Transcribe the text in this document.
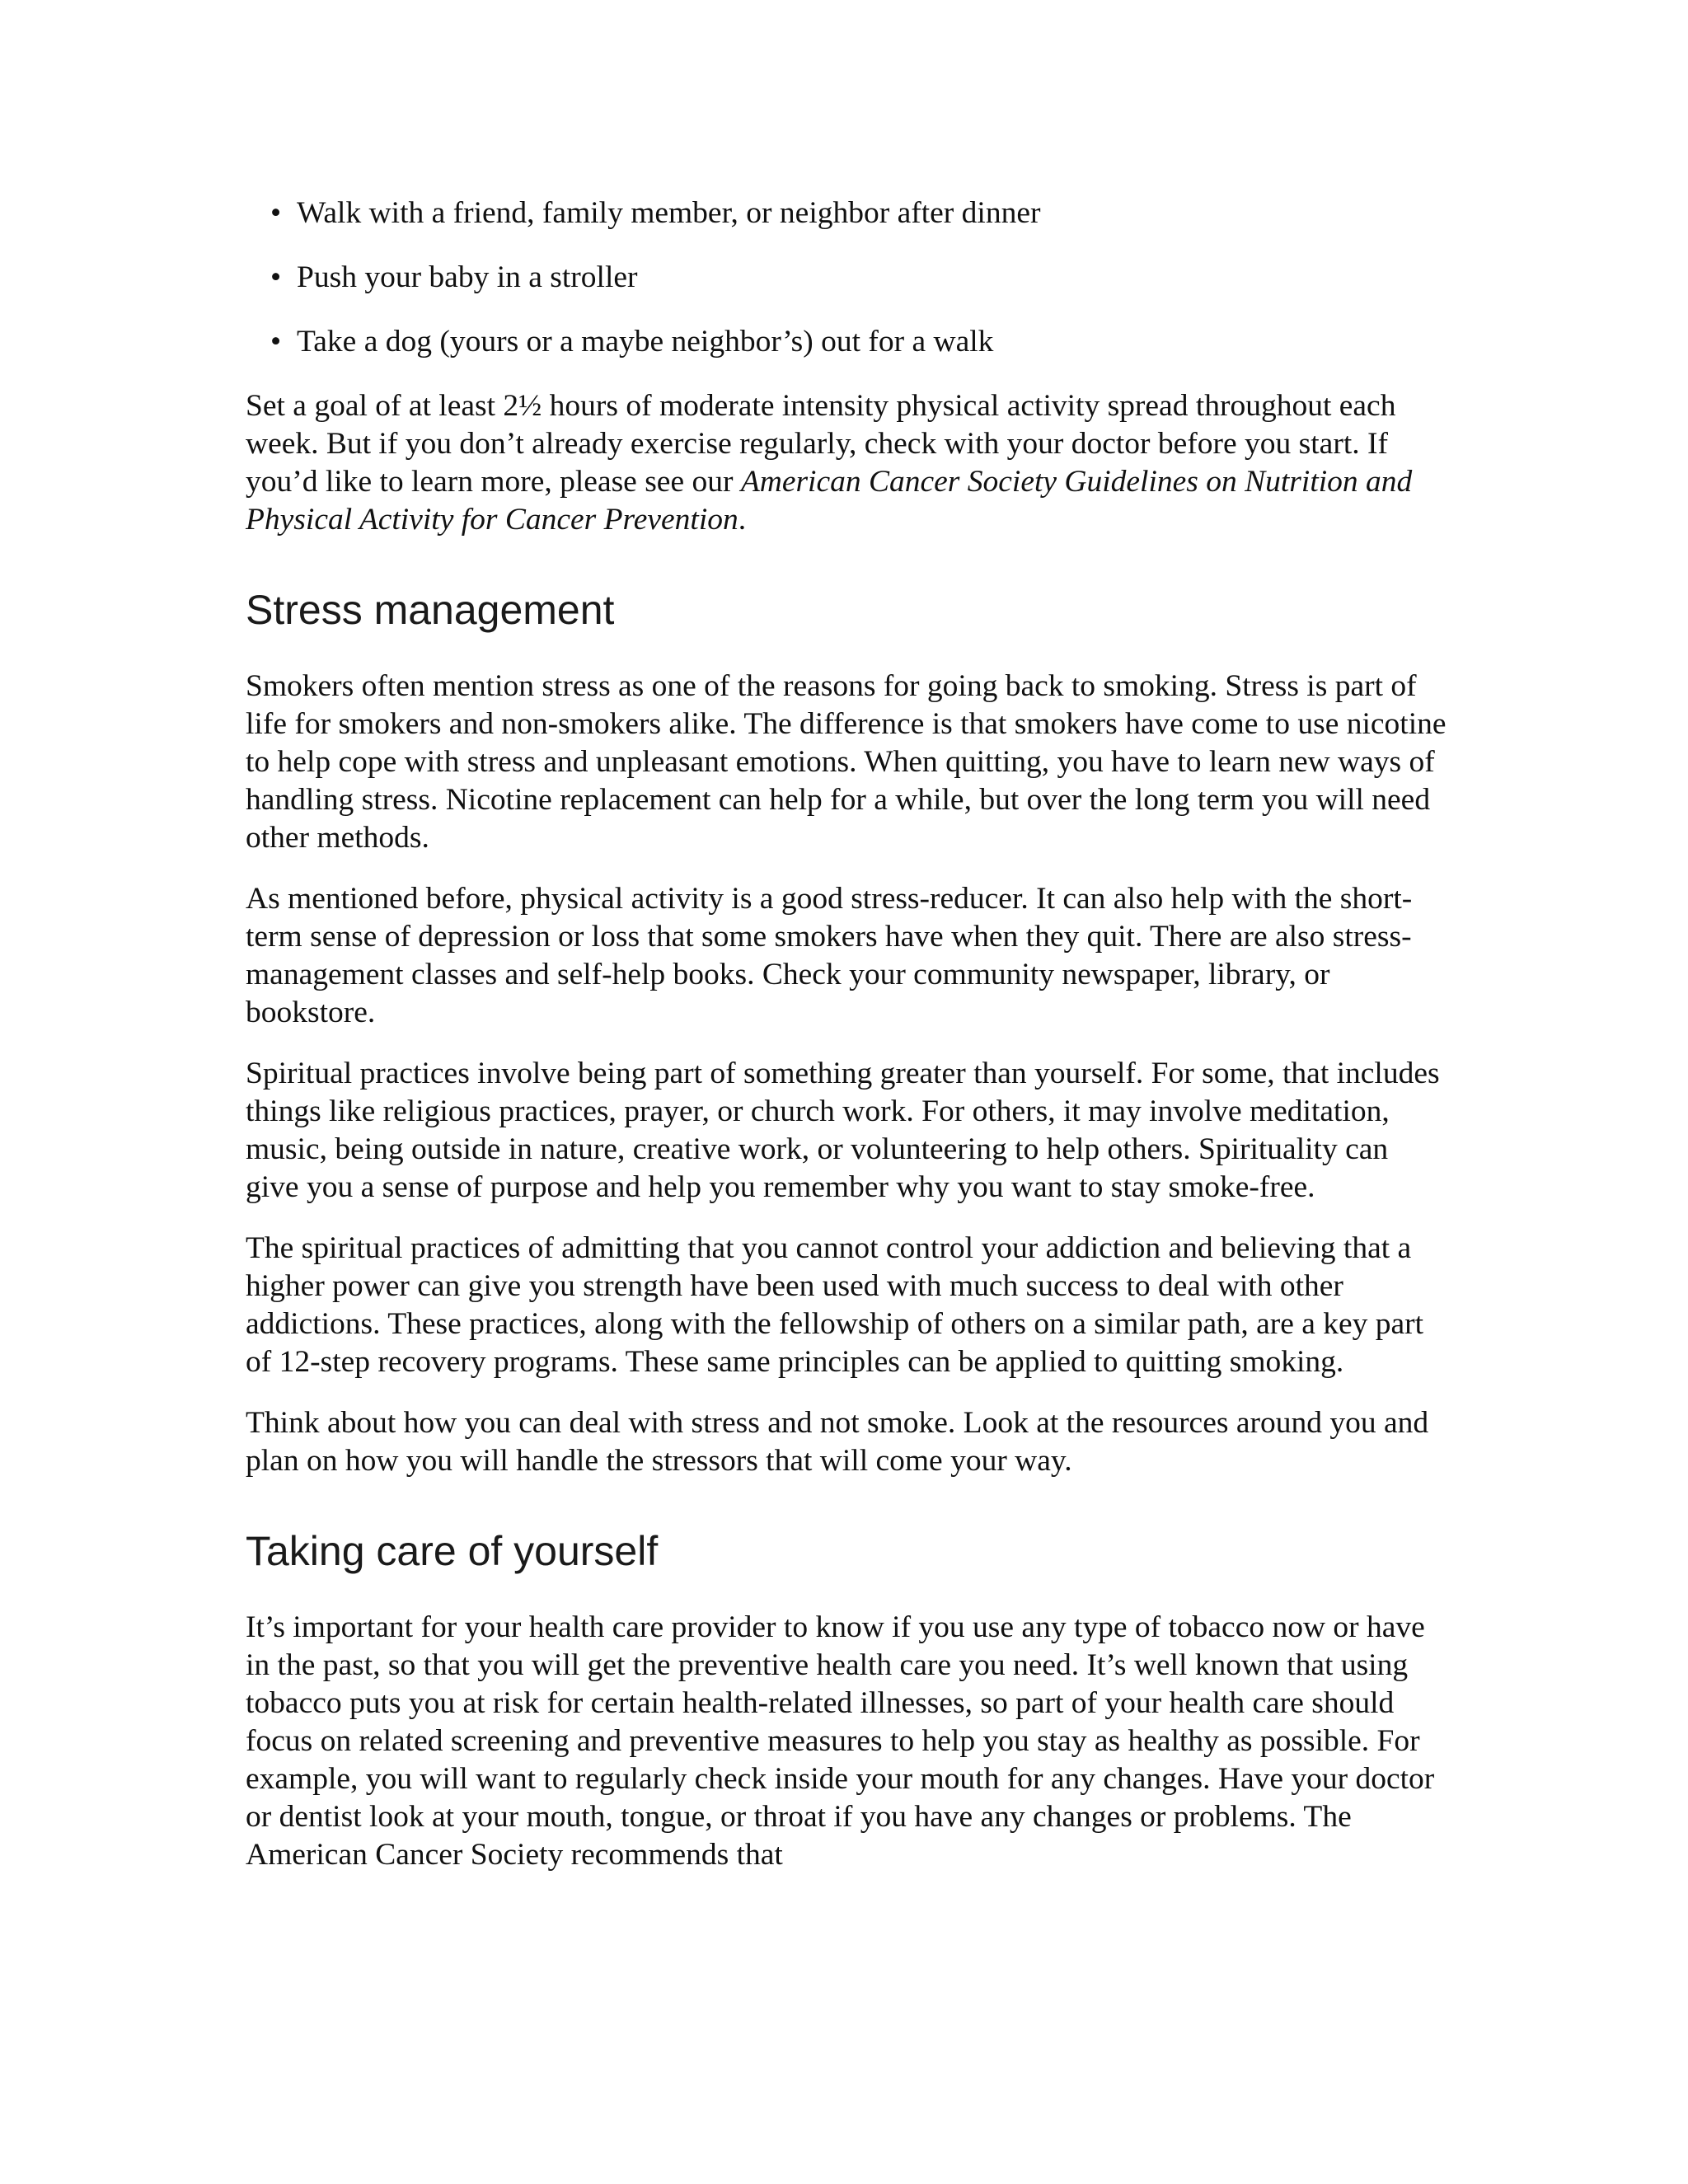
• Walk with a friend, family member, or neighbor after dinner
• Push your baby in a stroller
• Take a dog (yours or a maybe neighbor’s) out for a walk

Set a goal of at least 2½ hours of moderate intensity physical activity spread throughout each week. But if you don’t already exercise regularly, check with your doctor before you start. If you’d like to learn more, please see our American Cancer Society Guidelines on Nutrition and Physical Activity for Cancer Prevention.

Stress management

Smokers often mention stress as one of the reasons for going back to smoking. Stress is part of life for smokers and non-smokers alike. The difference is that smokers have come to use nicotine to help cope with stress and unpleasant emotions. When quitting, you have to learn new ways of handling stress. Nicotine replacement can help for a while, but over the long term you will need other methods.

As mentioned before, physical activity is a good stress-reducer. It can also help with the short-term sense of depression or loss that some smokers have when they quit. There are also stress-management classes and self-help books. Check your community newspaper, library, or bookstore.

Spiritual practices involve being part of something greater than yourself. For some, that includes things like religious practices, prayer, or church work. For others, it may involve meditation, music, being outside in nature, creative work, or volunteering to help others. Spirituality can give you a sense of purpose and help you remember why you want to stay smoke-free.

The spiritual practices of admitting that you cannot control your addiction and believing that a higher power can give you strength have been used with much success to deal with other addictions. These practices, along with the fellowship of others on a similar path, are a key part of 12-step recovery programs. These same principles can be applied to quitting smoking.

Think about how you can deal with stress and not smoke. Look at the resources around you and plan on how you will handle the stressors that will come your way.

Taking care of yourself

It’s important for your health care provider to know if you use any type of tobacco now or have in the past, so that you will get the preventive health care you need. It’s well known that using tobacco puts you at risk for certain health-related illnesses, so part of your health care should focus on related screening and preventive measures to help you stay as healthy as possible. For example, you will want to regularly check inside your mouth for any changes. Have your doctor or dentist look at your mouth, tongue, or throat if you have any changes or problems. The American Cancer Society recommends that
